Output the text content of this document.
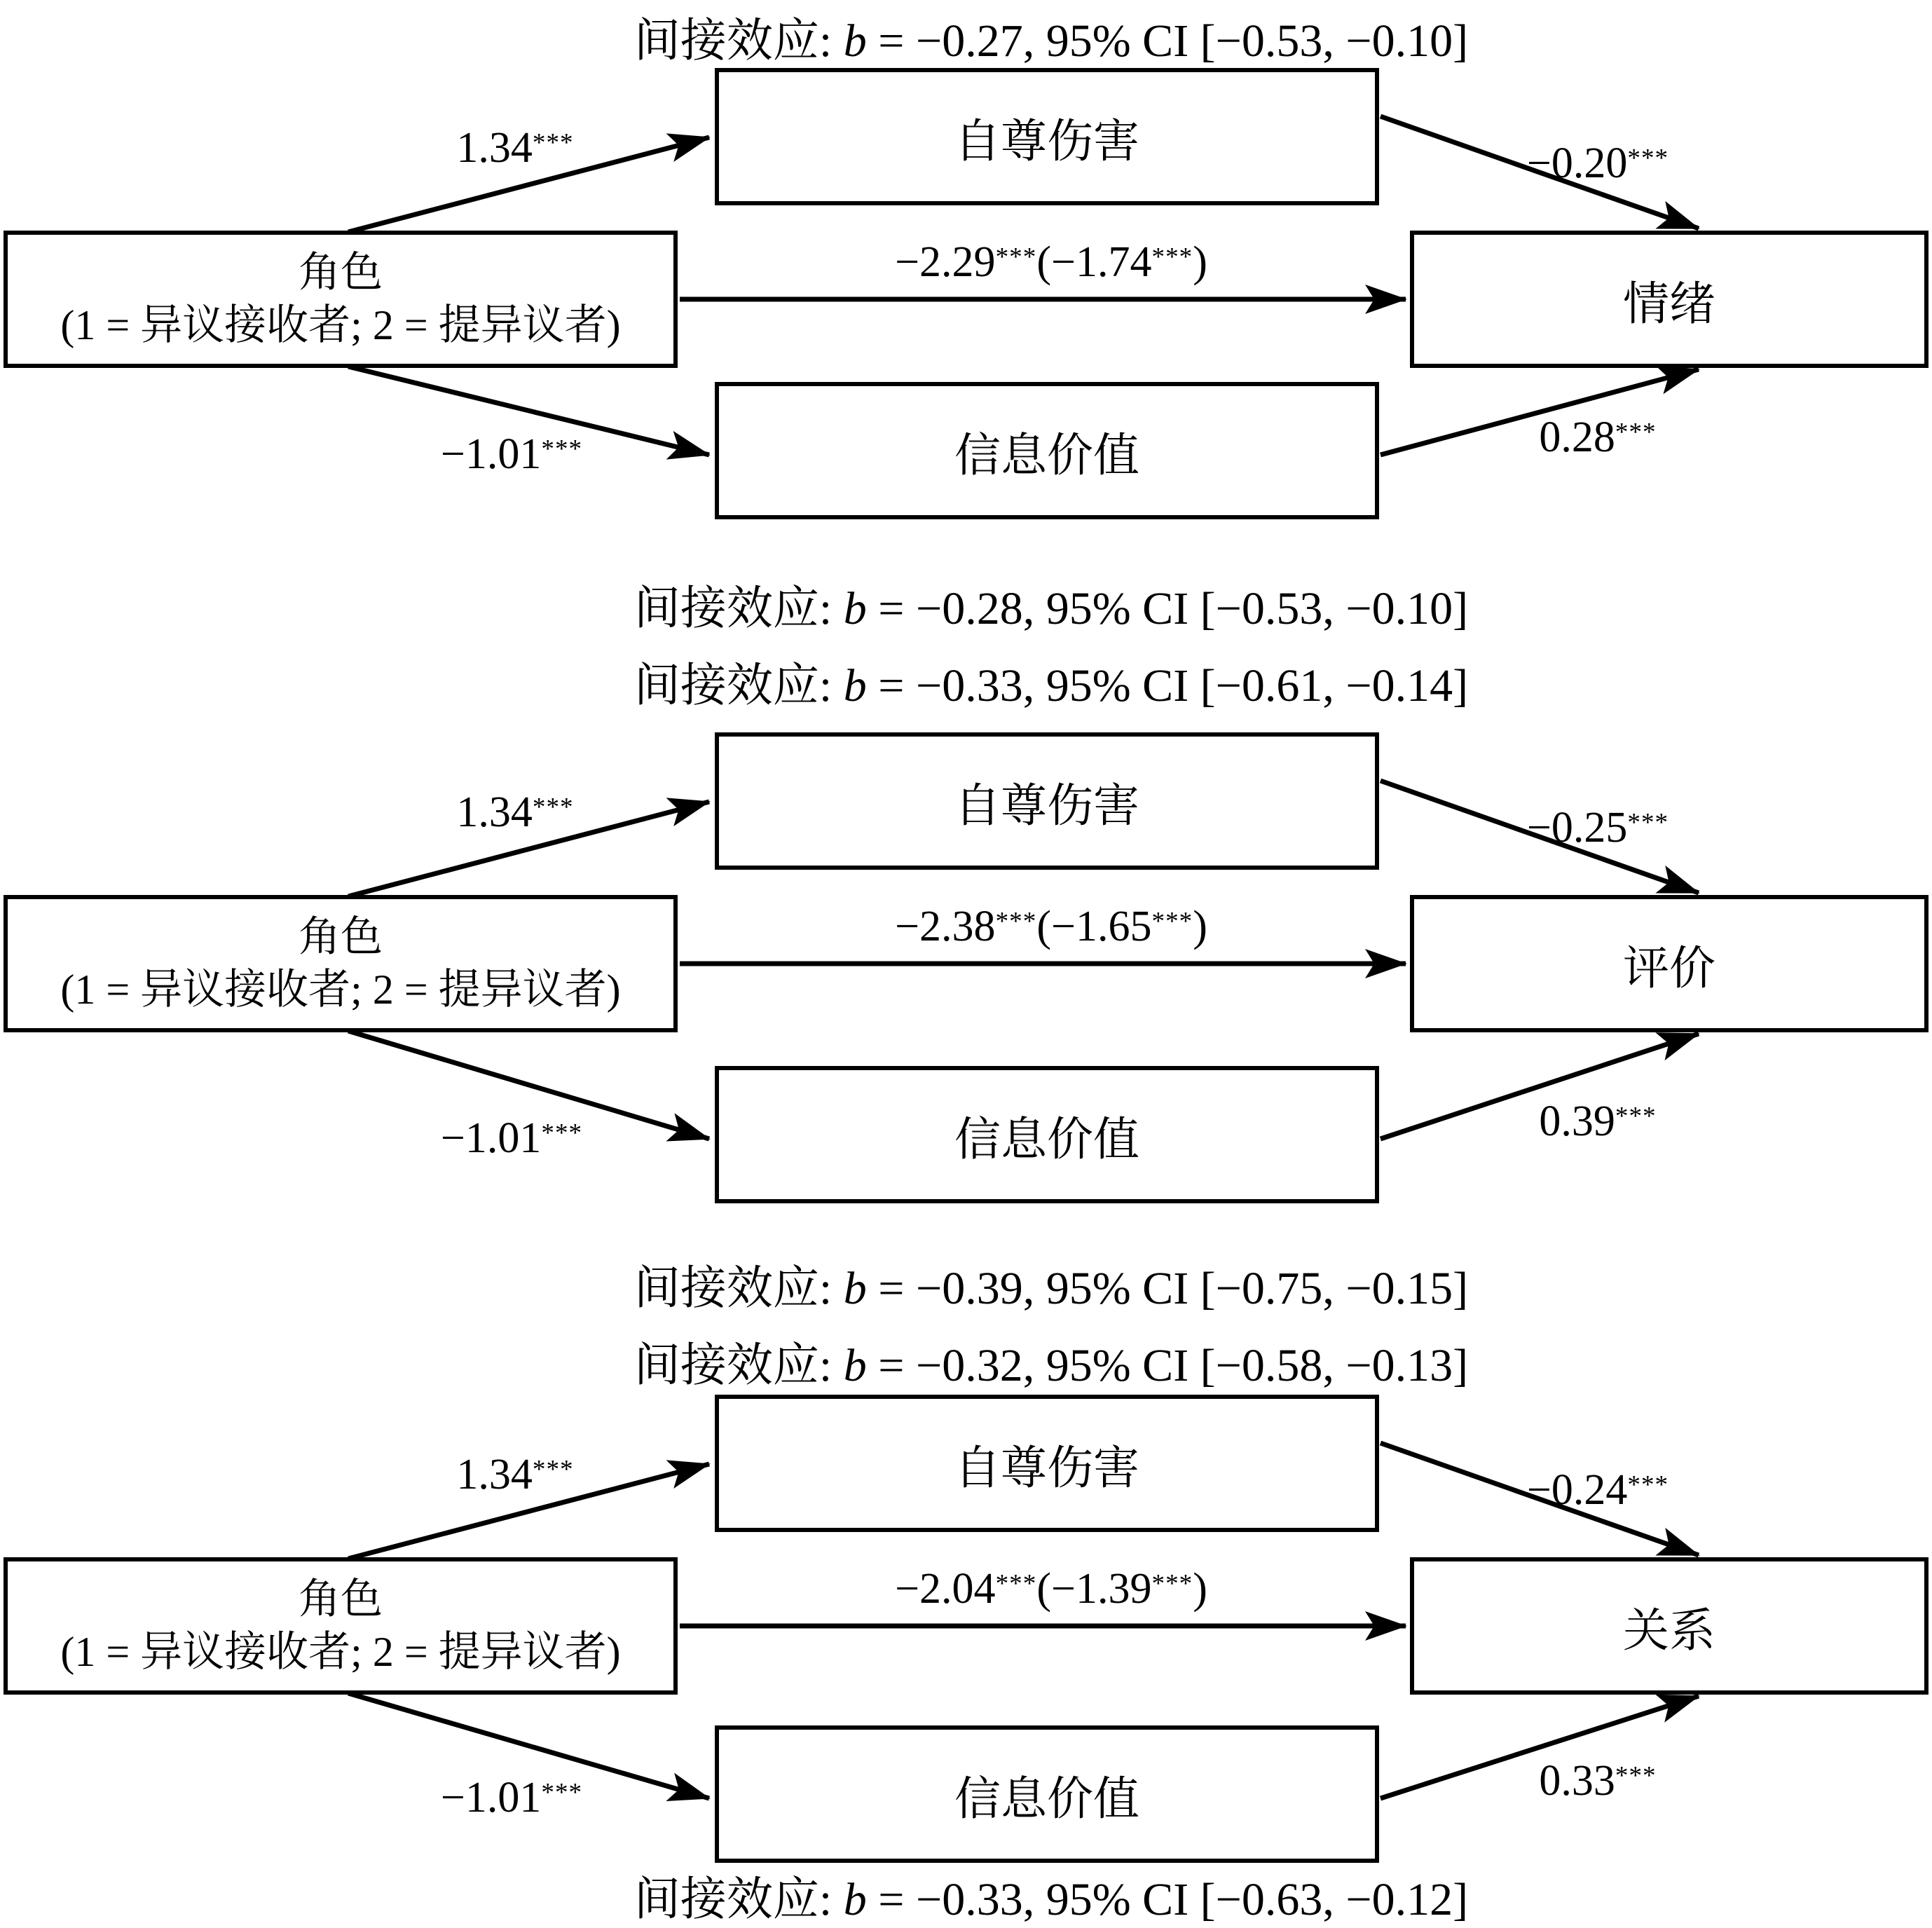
间接效应: b = −0.27, 95% CI [−0.53, −0.10]
自尊伤害
角色
(1 = 异议接收者; 2 = 提异议者)	情绪
信息价值
1.34***	−0.20***
−2.29***(−1.74***)
−1.01***	0.28***
间接效应: b = −0.28, 95% CI [−0.53, −0.10]
间接效应: b = −0.33, 95% CI [−0.61, −0.14]
自尊伤害
角色
(1 = 异议接收者; 2 = 提异议者)	评价
信息价值
1.34***	−0.25***
−2.38***(−1.65***)
−1.01***	0.39***
间接效应: b = −0.39, 95% CI [−0.75, −0.15]
间接效应: b = −0.32, 95% CI [−0.58, −0.13]
自尊伤害
角色
(1 = 异议接收者; 2 = 提异议者)	关系
信息价值
1.34***	−0.24***
−2.04***(−1.39***)
−1.01***	0.33***
间接效应: b = −0.33, 95% CI [−0.63, −0.12]
